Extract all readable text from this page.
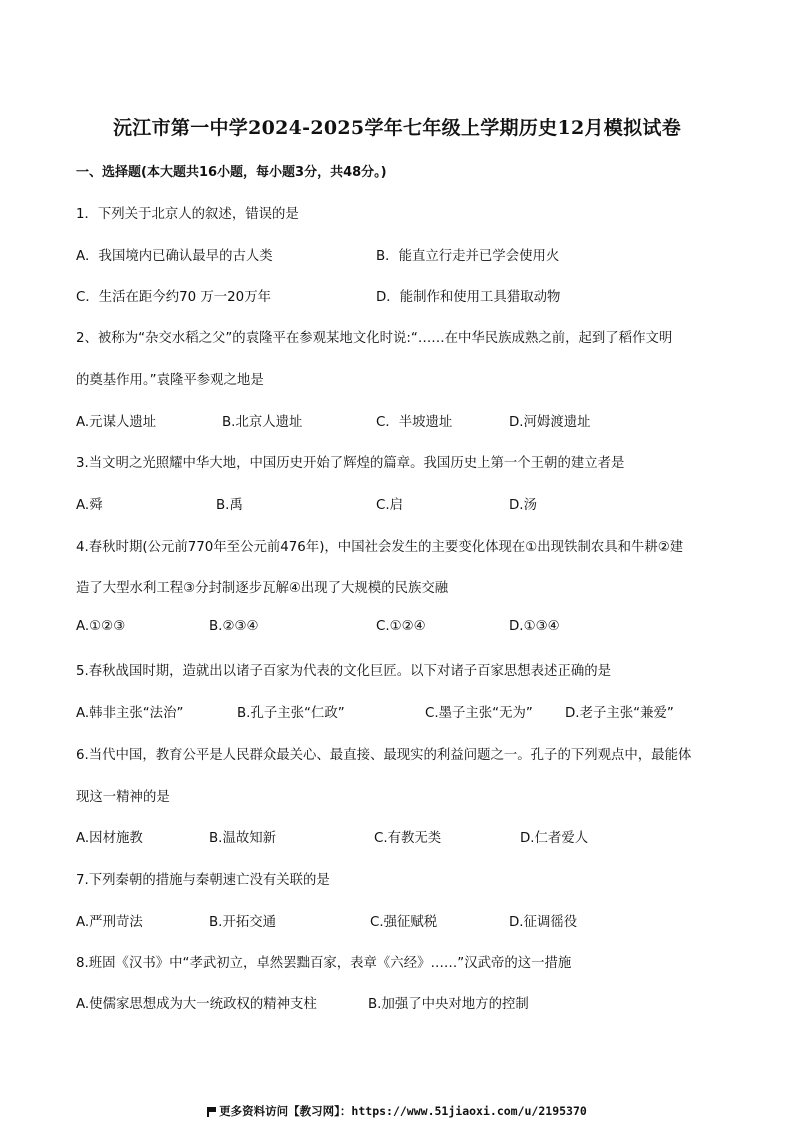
沅江市第一中学2024-2025学年七年级上学期历史12月模拟试卷
一、选择题(本大题共16小题，每小题3分，共48分。)
1．下列关于北京人的叙述，错误的是
A．我国境内已确认最早的古人类	B．能直立行走并已学会使用火
C．生活在距今约70 万一20万年	D．能制作和使用工具猎取动物
2、被称为“杂交水稻之父”的袁隆平在参观某地文化时说:“……在中华民族成熟之前，起到了稻作文明
的奠基作用。”袁隆平参观之地是
A.元谋人遗址	B.北京人遗址	C．半坡遗址	D.河姆渡遗址
3.当文明之光照耀中华大地，中国历史开始了辉煌的篇章。我国历史上第一个王朝的建立者是
A.舜	B.禹	C.启	D.汤
4.春秋时期(公元前770年至公元前476年)，中国社会发生的主要变化体现在①出现铁制农具和牛耕②建
造了大型水利工程③分封制逐步瓦解④出现了大规模的民族交融
A.①②③	B.②③④	C.①②④	D.①③④
5.春秋战国时期，造就出以诸子百家为代表的文化巨匠。以下对诸子百家思想表述正确的是
A.韩非主张“法治”	B.孔子主张“仁政”	C.墨子主张“无为” D.老子主张“兼爱”
6.当代中国，教育公平是人民群众最关心、最直接、最现实的利益问题之一。孔子的下列观点中，最能体
现这一精神的是
A.因材施教	B.温故知新	C.有教无类	D.仁者爱人
7.下列秦朝的措施与秦朝速亡没有关联的是
A.严刑苛法	B.开拓交通	C.强征赋税	D.征调徭役
8.班固《汉书》中“孝武初立，卓然罢黜百家，表章《六经》……”汉武帝的这一措施
A.使儒家思想成为大一统政权的精神支柱	B.加强了中央对地方的控制
更多资料访问【教习网】：https://www.51jiaoxi.com/u/2195370
